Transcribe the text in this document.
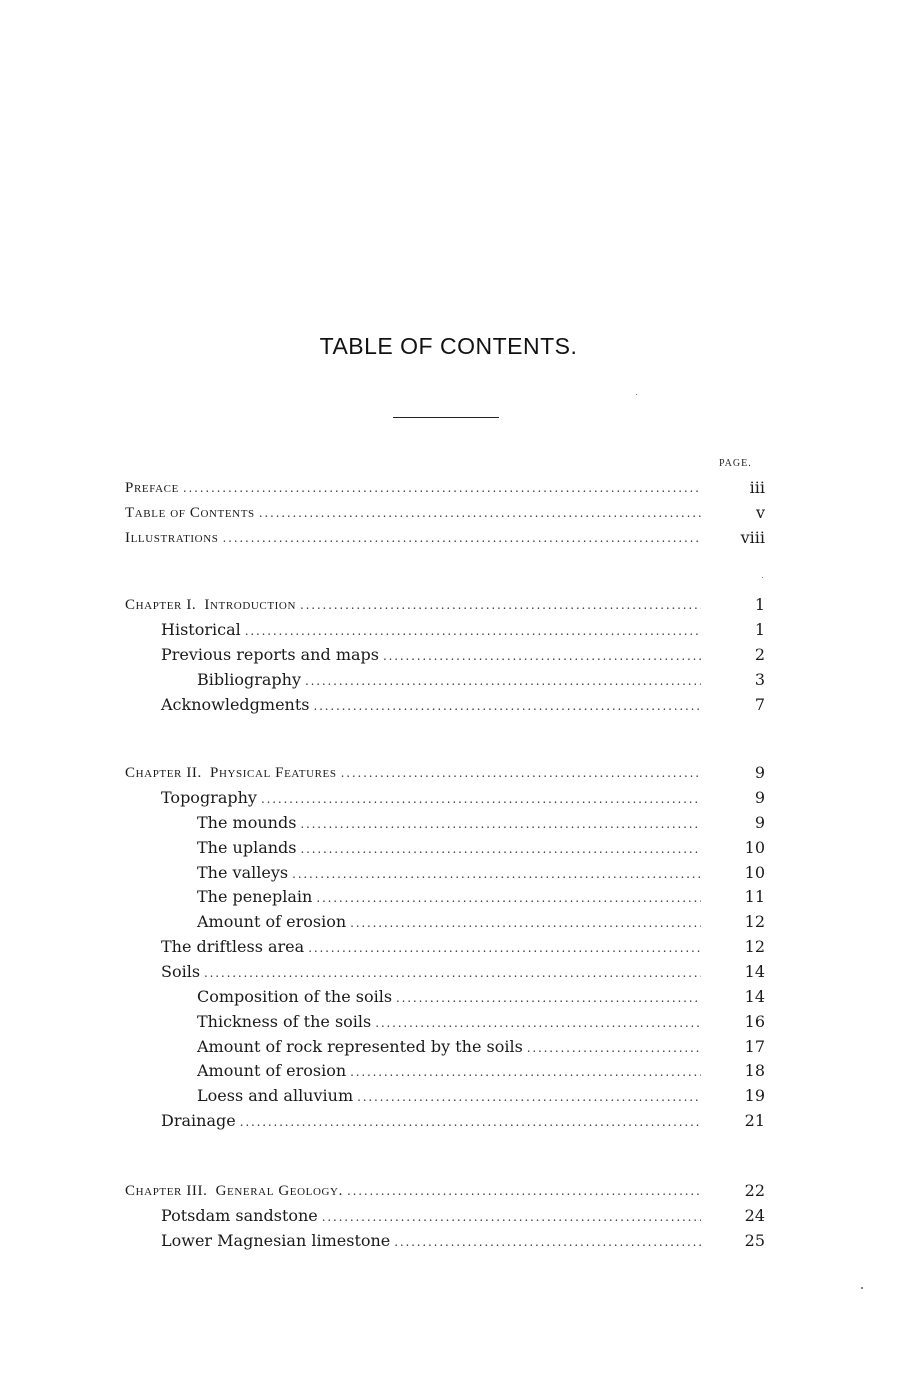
TABLE OF CONTENTS.
PAGE.
Preface . . .	iii
Table of Contents . . .	v
Illustrations . . .	viii
Chapter I.  Introduction . . .	1
Historical . . .	1
Previous reports and maps . . .	2
Bibliography . . .	3
Acknowledgments . . .	7
Chapter II.  Physical Features . . .	9
Topography . . .	9
The mounds . . .	9
The uplands . . .	10
The valleys . . .	10
The peneplain . . .	11
Amount of erosion . . .	12
The driftless area . . .	12
Soils . . .	14
Composition of the soils . . .	14
Thickness of the soils . . .	16
Amount of rock represented by the soils . . .	17
Amount of erosion . . .	18
Loess and alluvium . . .	19
Drainage . . .	21
Chapter III.  General Geology. . . .	22
Potsdam sandstone . . .	24
Lower Magnesian limestone . . .	25
